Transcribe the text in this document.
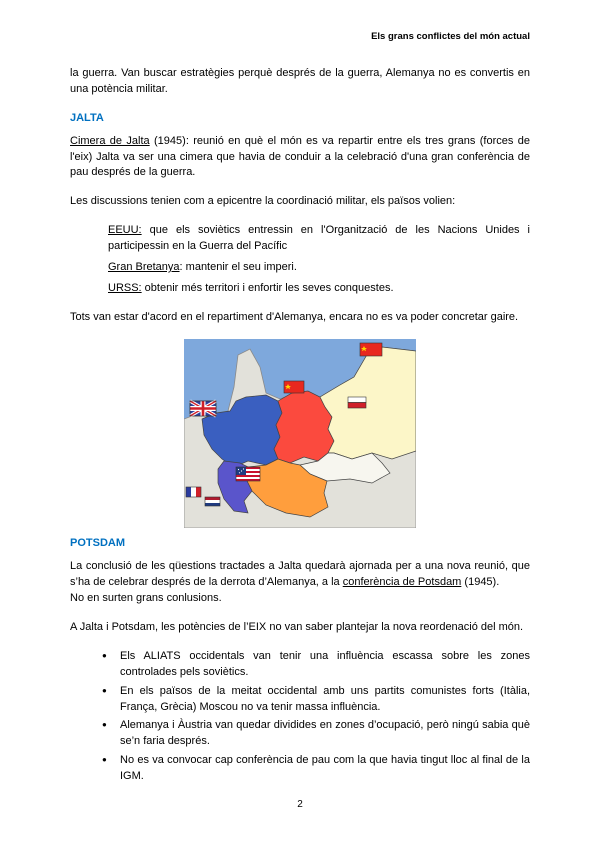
Els grans conflictes del món actual

la guerra. Van buscar estratègies perquè després de la guerra, Alemanya no es convertis en una potència militar.

JALTA

Cimera de Jalta (1945): reunió en què el món es va repartir entre els tres grans (forces de l'eix) Jalta va ser una cimera que havia de conduir a la celebració d'una gran conferència de pau després de la guerra.

Les discussions tenien com a epicentre la coordinació militar, els països volien:

EEUU: que els soviètics entressin en l'Organització de les Nacions Unides i participessin en la Guerra del Pacífic
Gran Bretanya: mantenir el seu imperi.
URSS: obtenir més territori i enfortir les seves conquestes.

Tots van estar d'acord en el repartiment d'Alemanya, encara no es va poder concretar gaire.

POTSDAM

La conclusió de les qüestions tractades a Jalta quedarà ajornada per a una nova reunió, que s’ha de celebrar després de la derrota d’Alemanya, a la conferència de Potsdam (1945).
No en surten grans conlusions.

A Jalta i Potsdam, les potències de l’EIX no van saber plantejar la nova reordenació del món.

● Els ALIATS occidentals van tenir una influència escassa sobre les zones controlades pels soviètics.
● En els països de la meitat occidental amb uns partits comunistes forts (Itàlia, França, Grècia) Moscou no va tenir massa influència.
● Alemanya i Àustria van quedar dividides en zones d’ocupació, però ningú sabia què se’n faria després.
● No es va convocar cap conferència de pau com la que havia tingut lloc al final de la IGM.
2
